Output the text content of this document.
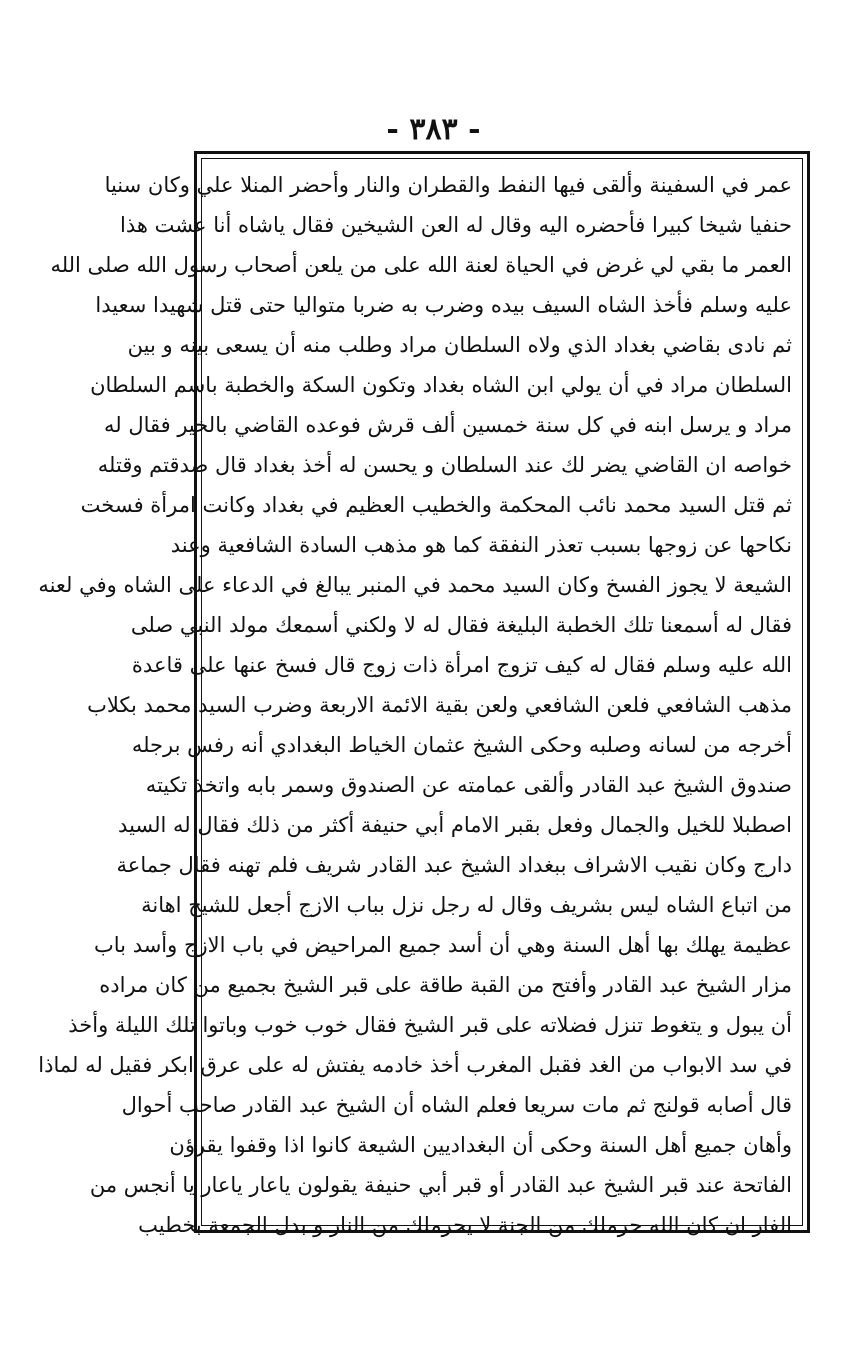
- ٣٨٣ -
عمر في السفينة وألقى فيها النفط والقطران والنار وأحضر المنلا علي وكان سنيا
حنفيا شيخا كبيرا فأحضره اليه وقال له العن الشيخين فقال ياشاه أنا عشت هذا
العمر ما بقي لي غرض في الحياة لعنة الله على من يلعن أصحاب رسول الله صلى الله
عليه وسلم فأخذ الشاه السيف بيده وضرب به ضربا متواليا حتى قتل شهيدا سعيدا
ثم نادى بقاضي بغداد الذي ولاه السلطان مراد وطلب منه أن يسعى بينه و بين
السلطان مراد في أن يولي ابن الشاه بغداد وتكون السكة والخطبة باسم السلطان
مراد و يرسل ابنه في كل سنة خمسين ألف قرش فوعده القاضي بالخير فقال له
خواصه ان القاضي يضر لك عند السلطان و يحسن له أخذ بغداد قال صدقتم وقتله
ثم قتل السيد محمد نائب المحكمة والخطيب العظيم في بغداد وكانت امرأة فسخت
نكاحها عن زوجها بسبب تعذر النفقة كما هو مذهب السادة الشافعية وعند
الشيعة لا يجوز الفسخ وكان السيد محمد في المنبر يبالغ في الدعاء على الشاه وفي لعنه
فقال له أسمعنا تلك الخطبة البليغة فقال له لا ولكني أسمعك مولد النبي صلى
الله عليه وسلم فقال له كيف تزوج امرأة ذات زوج قال فسخ عنها على قاعدة
مذهب الشافعي فلعن الشافعي ولعن بقية الائمة الاربعة وضرب السيد محمد بكلاب
أخرجه من لسانه وصلبه وحكى الشيخ عثمان الخياط البغدادي أنه رفس برجله
صندوق الشيخ عبد القادر وألقى عمامته عن الصندوق وسمر بابه واتخذ تكيته
اصطبلا للخيل والجمال وفعل بقبر الامام أبي حنيفة أكثر من ذلك فقال له السيد
دارج وكان نقيب الاشراف ببغداد الشيخ عبد القادر شريف فلم تهنه فقال جماعة
من اتباع الشاه ليس بشريف وقال له رجل نزل بباب الازج أجعل للشيخ اهانة
عظيمة يهلك بها أهل السنة وهي أن أسد جميع المراحيض في باب الازج وأسد باب
مزار الشيخ عبد القادر وأفتح من القبة طاقة على قبر الشيخ بجميع من كان مراده
أن يبول و يتغوط تنزل فضلاته على قبر الشيخ فقال خوب خوب وباتوا تلك الليلة وأخذ
في سد الابواب من الغد فقبل المغرب أخذ خادمه يفتش له على عرق ابكر فقيل له لماذا
قال أصابه قولنج ثم مات سريعا فعلم الشاه أن الشيخ عبد القادر صاحب أحوال
وأهان جميع أهل السنة وحكى أن البغداديين الشيعة كانوا اذا وقفوا يقرؤن
الفاتحة عند قبر الشيخ عبد القادر أو قبر أبي حنيفة يقولون ياعار ياعار يا أنجس من
الفار ان كان الله حرملك من الجنة لا يحرملك من النار و بدل الجمعة بخطيب
